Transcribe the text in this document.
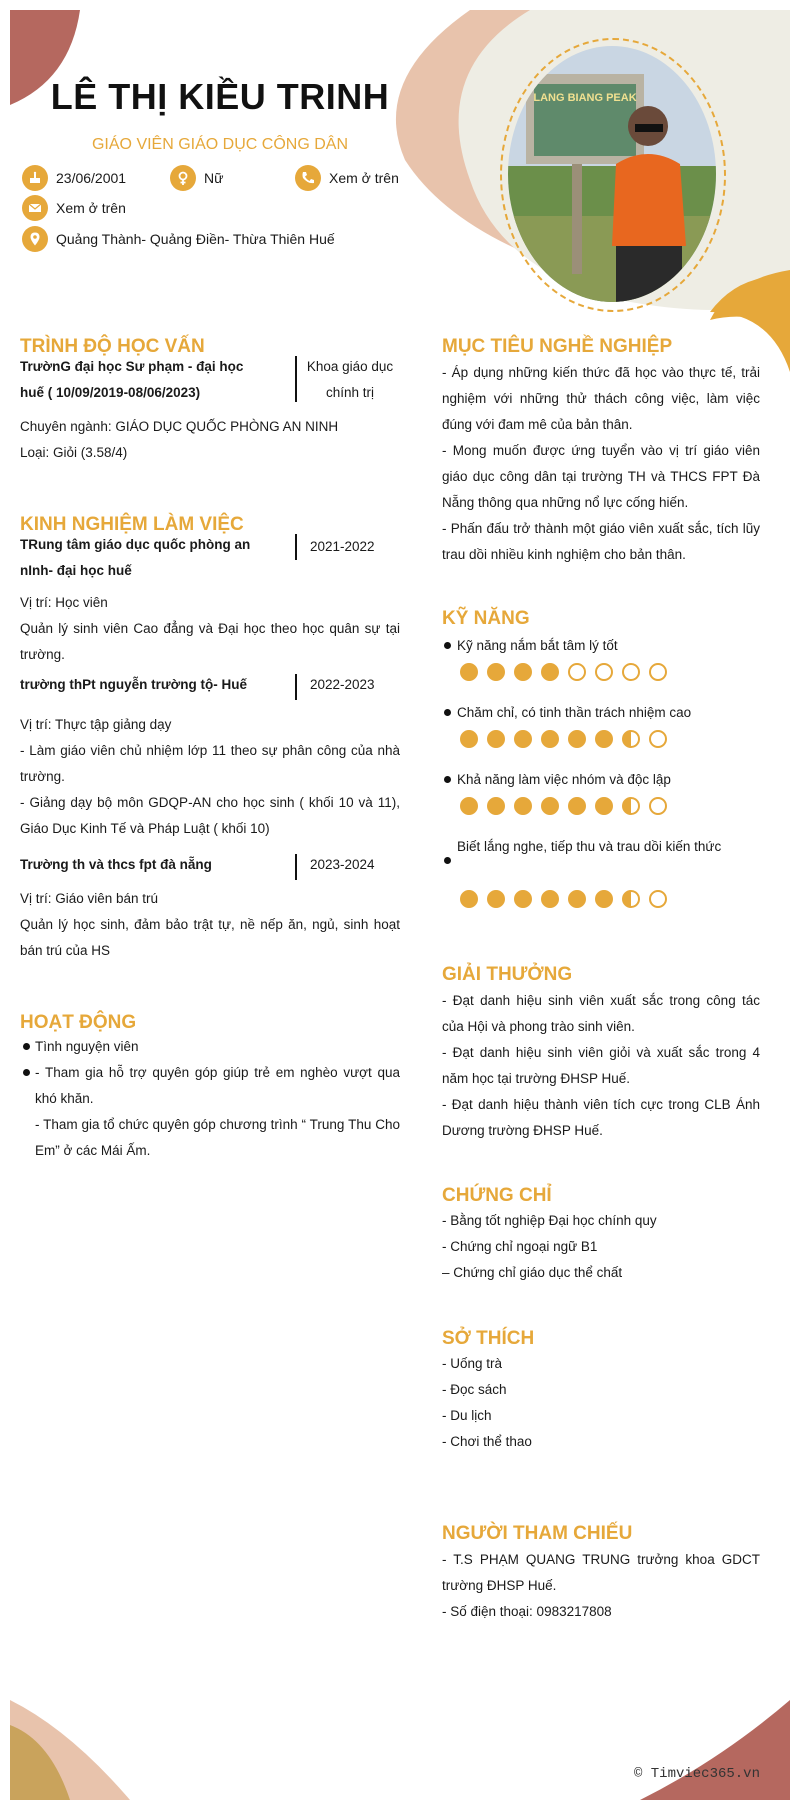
LÊ THỊ KIỀU TRINH
GIÁO VIÊN GIÁO DỤC CÔNG DÂN
23/06/2001	Nữ	Xem ở trên
Xem ở trên
Quảng Thành- Quảng Điền- Thừa Thiên Huế
LANG BIANG PEAK
TRÌNH ĐỘ HỌC VẤN
TrườnG đại học Sư phạm - đại học huế ( 10/09/2019-08/06/2023)
Khoa giáo dục chính trị
Chuyên ngành: GIÁO DỤC QUỐC PHÒNG AN NINH
Loại: Giỏi (3.58/4)
KINH NGHIỆM LÀM VIỆC
TRung tâm giáo dục quốc phòng an nInh- đại học huế
2021-2022
Vị trí: Học viên
Quản lý sinh viên Cao đẳng và Đại học theo học quân sự tại trường.
trường thPt nguyễn trường tộ- Huế	2022-2023
Vị trí: Thực tập giảng dạy
- Làm giáo viên chủ nhiệm lớp 11 theo sự phân công của nhà trường.
- Giảng dạy bộ môn GDQP-AN cho học sinh ( khối 10 và 11), Giáo Dục Kinh Tế và Pháp Luật ( khối 10)
Trường th và thcs fpt đà nẵng	2023-2024
Vị trí: Giáo viên bán trú
Quản lý học sinh, đảm bảo trật tự, nề nếp ăn, ngủ, sinh hoạt bán trú của HS
HOẠT ĐỘNG
Tình nguyện viên
- Tham gia hỗ trợ quyên góp giúp trẻ em nghèo vượt qua khó khăn.
- Tham gia tổ chức quyên góp chương trình “ Trung Thu Cho Em” ở các Mái Ấm.
MỤC TIÊU NGHỀ NGHIỆP
- Áp dụng những kiến thức đã học vào thực tế, trải nghiệm với những thử thách công việc, làm việc đúng với đam mê của bản thân.
- Mong muốn được ứng tuyển vào vị trí giáo viên giáo dục công dân tại trường TH và THCS FPT Đà Nẵng thông qua những nổ lực cống hiến.
- Phấn đấu trở thành một giáo viên xuất sắc, tích lũy trau dồi nhiều kinh nghiệm cho bản thân.
KỸ NĂNG
Kỹ năng nắm bắt tâm lý tốt
Chăm chỉ, có tinh thần trách nhiệm cao
Khả năng làm việc nhóm và độc lập
Biết lắng nghe, tiếp thu và trau dồi kiến thức
GIẢI THƯỞNG
- Đạt danh hiệu sinh viên xuất sắc trong công tác của Hội và phong trào sinh viên.
- Đạt danh hiệu sinh viên giỏi và xuất sắc trong 4 năm học tại trường ĐHSP Huế.
- Đạt danh hiệu thành viên tích cực trong CLB Ánh Dương trường ĐHSP Huế.
CHỨNG CHỈ
- Bằng tốt nghiệp Đại học chính quy
- Chứng chỉ ngoại ngữ B1
– Chứng chỉ giáo dục thể chất
SỞ THÍCH
- Uống trà
- Đọc sách
- Du lịch
- Chơi thể thao
NGƯỜI THAM CHIẾU
- T.S PHẠM QUANG TRUNG trưởng khoa GDCT trường ĐHSP Huế.
- Số điện thoại: 0983217808
© Timviec365.vn
